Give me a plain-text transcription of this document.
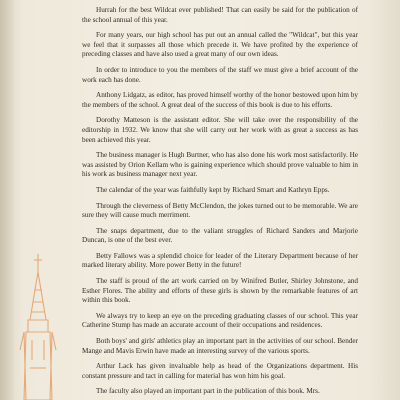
Hurrah for the best Wildcat ever published! That can easily be said for the publication of the school annual of this year.

For many years, our high school has put out an annual called the "Wildcat", but this year we feel that it surpasses all those which precede it. We have profited by the experience of preceding classes and have also used a great many of our own ideas.

In order to introduce to you the members of the staff we must give a brief account of the work each has done.

Anthony Lidgatz, as editor, has proved himself worthy of the honor bestowed upon him by the members of the school. A great deal of the success of this book is due to his efforts.

Dorothy Matteson is the assistant editor. She will take over the responsibility of the editorship in 1932. We know that she will carry out her work with as great a success as has been achieved this year.

The business manager is Hugh Burtner, who has also done his work most satisfactorily. He was assisted by Orion Kellam who is gaining experience which should prove valuable to him in his work as business manager next year.

The calendar of the year was faithfully kept by Richard Smart and Kathryn Epps.

Through the cleverness of Betty McClendon, the jokes turned out to be memorable. We are sure they will cause much merriment.

The snaps department, due to the valiant struggles of Richard Sanders and Marjorie Duncan, is one of the best ever.

Betty Fallows was a splendid choice for leader of the Literary Department because of her marked literary ability. More power Betty in the future!

The staff is proud of the art work carried on by Winifred Butler, Shirley Johnstone, and Esther Flores. The ability and efforts of these girls is shown by the remarkable features of art within this book.

We always try to keep an eye on the preceding graduating classes of our school. This year Catherine Stump has made an accurate account of their occupations and residences.

Both boys' and girls' athletics play an important part in the activities of our school. Bender Mange and Mavis Erwin have made an interesting survey of the various sports.

Arthur Lack has given invaluable help as head of the Organizations department. His constant pressure and tact in calling for material has won him his goal.

The faculty also played an important part in the publication of this book. Mrs.
